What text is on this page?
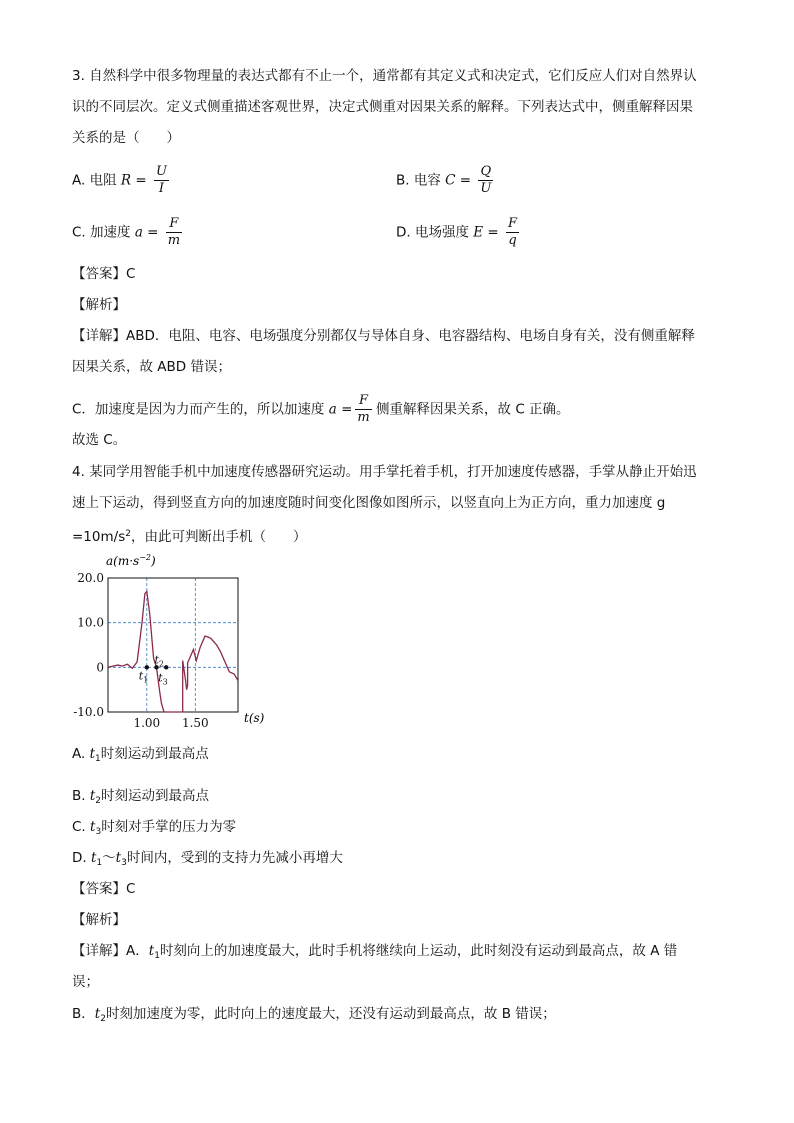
3. 自然科学中很多物理量的表达式都有不止一个，通常都有其定义式和决定式，它们反应人们对自然界认
识的不同层次。定义式侧重描述客观世界，决定式侧重对因果关系的解释。下列表达式中，侧重解释因果
关系的是（　　）
A. 电阻 $R = \frac{U}{I}$	B. 电容 $C = \frac{Q}{U}$
C. 加速度 $a = \frac{F}{m}$	D. 电场强度 $E = \frac{F}{q}$
【答案】C
【解析】
【详解】ABD．电阻、电容、电场强度分别都仅与导体自身、电容器结构、电场自身有关，没有侧重解释
因果关系，故 ABD 错误；
C．加速度是因为力而产生的，所以加速度 $a = \frac{F}{m}$ 侧重解释因果关系，故 C 正确。
故选 C。
4. 某同学用智能手机中加速度传感器研究运动。用手掌托着手机，打开加速度传感器，手掌从静止开始迅
速上下运动，得到竖直方向的加速度随时间变化图像如图所示，以竖直向上为正方向，重力加速度 g
$=10m/s^2$，由此可判断出手机（　　）
20.0
10.0
0
-10.0
1.00 1.50
$a(m\cdot s^{-2})$
t(s)
$t_1$
$t_2$
$t_3$
A. $t_1$时刻运动到最高点
B. $t_2$时刻运动到最高点
C. $t_3$时刻对手掌的压力为零
D. $t_1\sim t_3$时间内，受到的支持力先减小再增大
【答案】C
【解析】
【详解】A．$t_1$时刻向上的加速度最大，此时手机将继续向上运动，此时刻没有运动到最高点，故 A 错
误；
B．$t_2$时刻加速度为零，此时向上的速度最大，还没有运动到最高点，故 B 错误；
